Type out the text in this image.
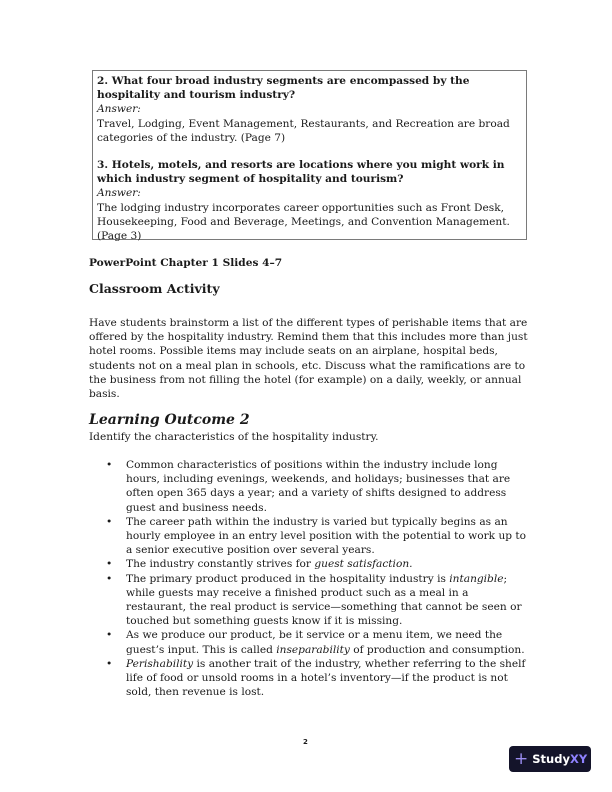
2. What four broad industry segments are encompassed by the hospitality and tourism industry?

Answer:

Travel, Lodging, Event Management, Restaurants, and Recreation are broad categories of the industry. (Page 7)

3. Hotels, motels, and resorts are locations where you might work in which industry segment of hospitality and tourism?

Answer:

The lodging industry incorporates career opportunities such as Front Desk, Housekeeping, Food and Beverage, Meetings, and Convention Management. (Page 3)

PowerPoint Chapter 1 Slides 4–7
Classroom Activity
Have students brainstorm a list of the different types of perishable items that are offered by the hospitality industry. Remind them that this includes more than just hotel rooms. Possible items may include seats on an airplane, hospital beds, students not on a meal plan in schools, etc. Discuss what the ramifications are to the business from not filling the hotel (for example) on a daily, weekly, or annual basis.
Learning Outcome 2
Identify the characteristics of the hospitality industry.
• Common characteristics of positions within the industry include long hours, including evenings, weekends, and holidays; businesses that are often open 365 days a year; and a variety of shifts designed to address guest and business needs.
• The career path within the industry is varied but typically begins as an hourly employee in an entry level position with the potential to work up to a senior executive position over several years.
• The industry constantly strives for guest satisfaction.
• The primary product produced in the hospitality industry is intangible; while guests may receive a finished product such as a meal in a restaurant, the real product is service—something that cannot be seen or touched but something guests know if it is missing.
• As we produce our product, be it service or a menu item, we need the guest’s input. This is called inseparability of production and consumption.
• Perishability is another trait of the industry, whether referring to the shelf life of food or unsold rooms in a hotel’s inventory—if the product is not sold, then revenue is lost.
2
+ Study XY
